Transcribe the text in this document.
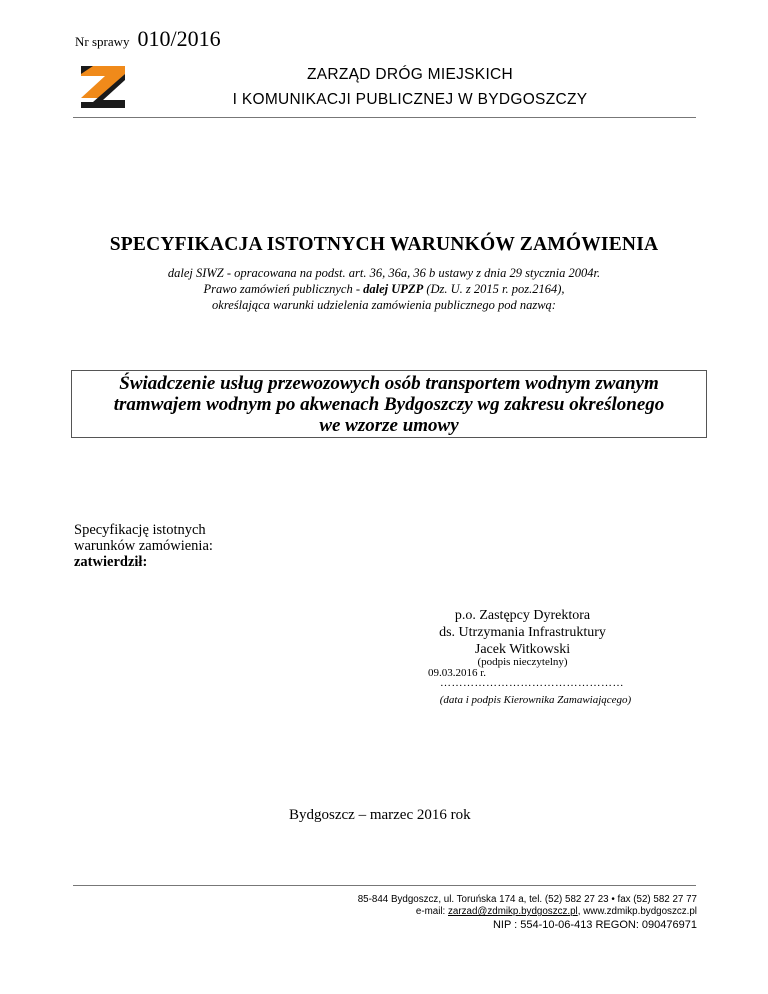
Nr sprawy 010/2016
ZARZĄD DRÓG MIEJSKICH
I KOMUNIKACJI PUBLICZNEJ W BYDGOSZCZY
SPECYFIKACJA ISTOTNYCH WARUNKÓW ZAMÓWIENIA
dalej SIWZ - opracowana na podst. art. 36, 36a, 36 b ustawy z dnia 29 stycznia 2004r.
Prawo zamówień publicznych - dalej UPZP (Dz. U. z 2015 r. poz.2164),
określająca warunki udzielenia zamówienia publicznego pod nazwą:
Świadczenie usług przewozowych osób transportem wodnym zwanym
tramwajem wodnym po akwenach Bydgoszczy wg zakresu określonego
we wzorze umowy
Specyfikację istotnych
warunków zamówienia:
zatwierdził:
p.o. Zastępcy Dyrektora
ds. Utrzymania Infrastruktury
Jacek Witkowski
(podpis nieczytelny)
09.03.2016 r.
…………………………………………
(data i podpis Kierownika Zamawiającego)
Bydgoszcz – marzec 2016 rok
85-844 Bydgoszcz, ul. Toruńska 174 a, tel. (52) 582 27 23 • fax (52) 582 27 77
e-mail: zarzad@zdmikp.bydgoszcz.pl, www.zdmikp.bydgoszcz.pl
NIP : 554-10-06-413 REGON: 090476971
